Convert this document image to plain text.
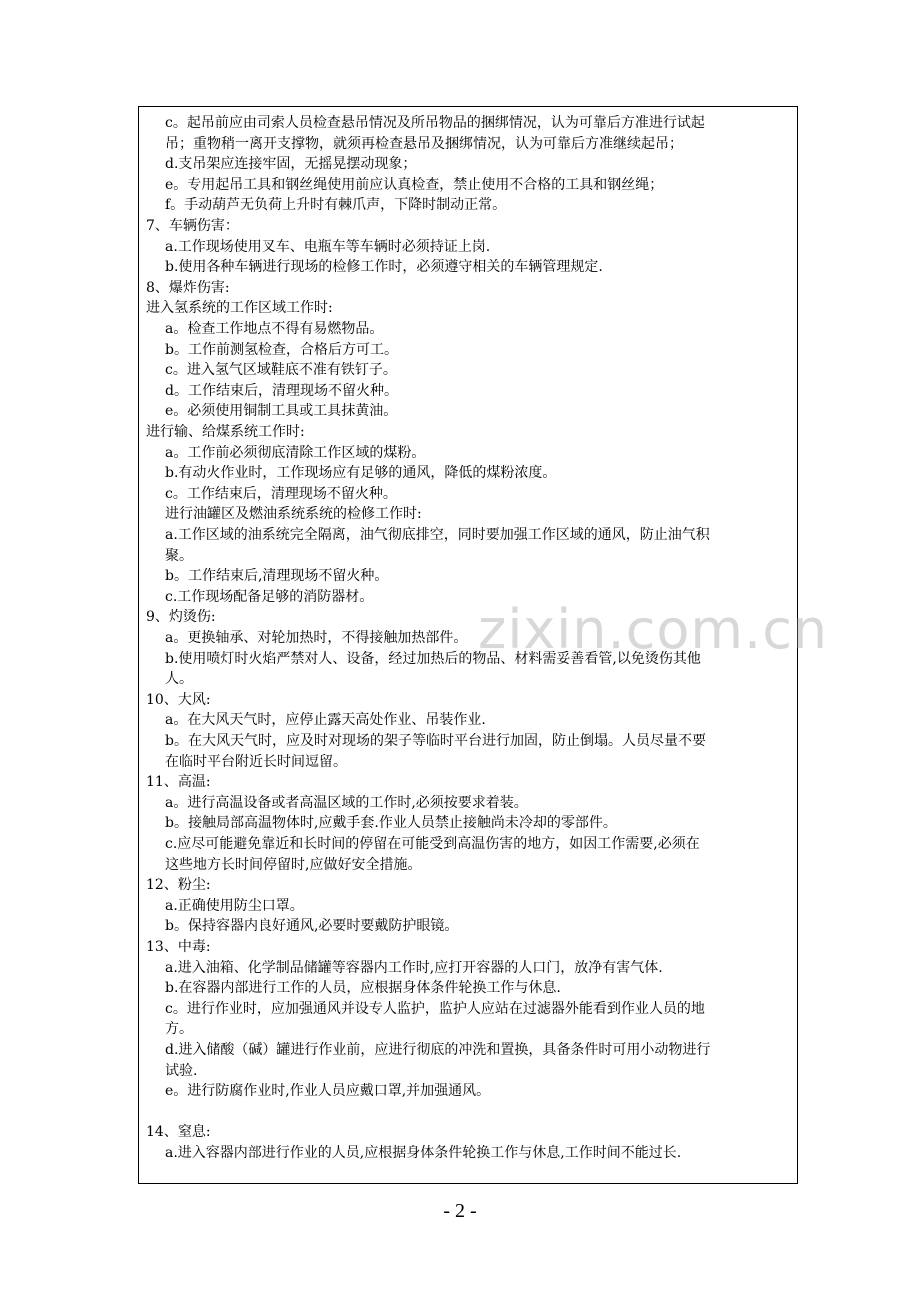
c。起吊前应由司索人员检查悬吊情况及所吊物品的捆绑情况，认为可靠后方准进行试起
吊；重物稍一离开支撑物，就须再检查悬吊及捆绑情况，认为可靠后方准继续起吊；
d.支吊架应连接牢固，无摇晃摆动现象；
e。专用起吊工具和钢丝绳使用前应认真检查，禁止使用不合格的工具和钢丝绳；
f。手动葫芦无负荷上升时有棘爪声，下降时制动正常。
7、车辆伤害：
a.工作现场使用叉车、电瓶车等车辆时必须持证上岗.
b.使用各种车辆进行现场的检修工作时，必须遵守相关的车辆管理规定.
8、爆炸伤害:
进入氢系统的工作区域工作时:
a。检查工作地点不得有易燃物品。
b。工作前测氢检查，合格后方可工。
c。进入氢气区域鞋底不准有铁钉子。
d。工作结束后，清理现场不留火种。
e。必须使用铜制工具或工具抹黄油。
进行输、给煤系统工作时:
a。工作前必须彻底清除工作区域的煤粉。
b.有动火作业时，工作现场应有足够的通风，降低的煤粉浓度。
c。工作结束后，清理现场不留火种。
进行油罐区及燃油系统系统的检修工作时:
a.工作区域的油系统完全隔离，油气彻底排空，同时要加强工作区域的通风，防止油气积
聚。
b。工作结束后,清理现场不留火种。
c.工作现场配备足够的消防器材。
9、灼烫伤:
a。更换轴承、对轮加热时，不得接触加热部件。
b.使用喷灯时火焰严禁对人、设备，经过加热后的物品、材料需妥善看管,以免烫伤其他
人。
10、大风:
a。在大风天气时，应停止露天高处作业、吊装作业.
b。在大风天气时，应及时对现场的架子等临时平台进行加固，防止倒塌。人员尽量不要
在临时平台附近长时间逗留。
11、高温:
a。进行高温设备或者高温区域的工作时,必须按要求着装。
b。接触局部高温物体时,应戴手套.作业人员禁止接触尚未冷却的零部件。
c.应尽可能避免靠近和长时间的停留在可能受到高温伤害的地方，如因工作需要,必须在
这些地方长时间停留时,应做好安全措施。
12、粉尘:
a.正确使用防尘口罩。
b。保持容器内良好通风,必要时要戴防护眼镜。
13、中毒:
a.进入油箱、化学制品储罐等容器内工作时,应打开容器的人口门，放净有害气体.
b.在容器内部进行工作的人员，应根据身体条件轮换工作与休息.
c。进行作业时，应加强通风并设专人监护，监护人应站在过滤器外能看到作业人员的地
方。
d.进入储酸（碱）罐进行作业前，应进行彻底的冲洗和置换，具备条件时可用小动物进行
试验.
e。进行防腐作业时,作业人员应戴口罩,并加强通风。
14、窒息:
a.进入容器内部进行作业的人员,应根据身体条件轮换工作与休息,工作时间不能过长.
zixin.com.cn
- 2 -
